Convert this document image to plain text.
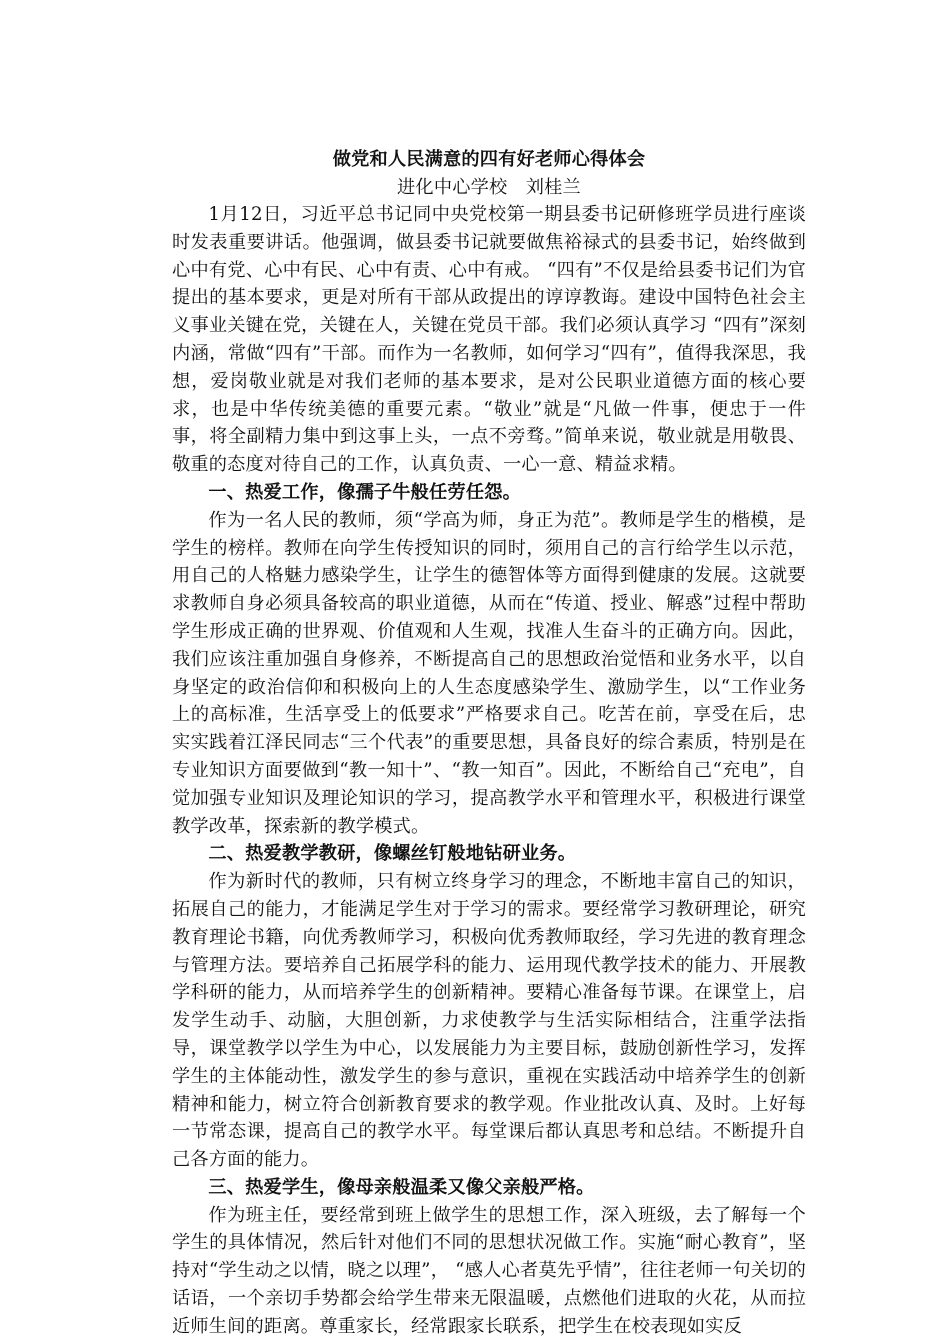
做党和人民满意的四有好老师心得体会

进化中心学校　刘桂兰

1月12日，习近平总书记同中央党校第一期县委书记研修班学员进行座谈时发表重要讲话。他强调，做县委书记就要做焦裕禄式的县委书记，始终做到心中有党、心中有民、心中有责、心中有戒。 “四有”不仅是给县委书记们为官提出的基本要求，更是对所有干部从政提出的谆谆教诲。建设中国特色社会主义事业关键在党，关键在人，关键在党员干部。我们必须认真学习 “四有”深刻内涵，常做“四有”干部。而作为一名教师，如何学习“四有”，值得我深思，我想，爱岗敬业就是对我们老师的基本要求，是对公民职业道德方面的核心要求，也是中华传统美德的重要元素。“敬业”就是“凡做一件事，便忠于一件事，将全副精力集中到这事上头，一点不旁骛。”简单来说，敬业就是用敬畏、敬重的态度对待自己的工作，认真负责、一心一意、精益求精。

一、热爱工作，像孺子牛般任劳任怨。

作为一名人民的教师，须“学高为师，身正为范”。教师是学生的楷模，是学生的榜样。教师在向学生传授知识的同时，须用自己的言行给学生以示范，用自己的人格魅力感染学生，让学生的德智体等方面得到健康的发展。这就要求教师自身必须具备较高的职业道德，从而在“传道、授业、解惑”过程中帮助学生形成正确的世界观、价值观和人生观，找准人生奋斗的正确方向。因此，我们应该注重加强自身修养，不断提高自己的思想政治觉悟和业务水平，以自身坚定的政治信仰和积极向上的人生态度感染学生、激励学生，以“工作业务上的高标准，生活享受上的低要求”严格要求自己。吃苦在前，享受在后，忠实实践着江泽民同志“三个代表”的重要思想，具备良好的综合素质，特别是在专业知识方面要做到“教一知十”、“教一知百”。因此，不断给自己“充电”，自觉加强专业知识及理论知识的学习，提高教学水平和管理水平，积极进行课堂教学改革，探索新的教学模式。

二、热爱教学教研，像螺丝钉般地钻研业务。

作为新时代的教师，只有树立终身学习的理念，不断地丰富自己的知识，拓展自己的能力，才能满足学生对于学习的需求。要经常学习教研理论，研究教育理论书籍，向优秀教师学习，积极向优秀教师取经，学习先进的教育理念与管理方法。要培养自己拓展学科的能力、运用现代教学技术的能力、开展教学科研的能力，从而培养学生的创新精神。要精心准备每节课。在课堂上，启发学生动手、动脑，大胆创新，力求使教学与生活实际相结合，注重学法指导，课堂教学以学生为中心，以发展能力为主要目标，鼓励创新性学习，发挥学生的主体能动性，激发学生的参与意识，重视在实践活动中培养学生的创新精神和能力，树立符合创新教育要求的教学观。作业批改认真、及时。上好每一节常态课，提高自己的教学水平。每堂课后都认真思考和总结。不断提升自己各方面的能力。

三、热爱学生，像母亲般温柔又像父亲般严格。

作为班主任，要经常到班上做学生的思想工作，深入班级，去了解每一个学生的具体情况，然后针对他们不同的思想状况做工作。实施“耐心教育”，坚持对“学生动之以情，晓之以理”， “感人心者莫先乎情”，往往老师一句关切的话语，一个亲切手势都会给学生带来无限温暖，点燃他们进取的火花，从而拉近师生间的距离。尊重家长，经常跟家长联系，把学生在校表现如实反
